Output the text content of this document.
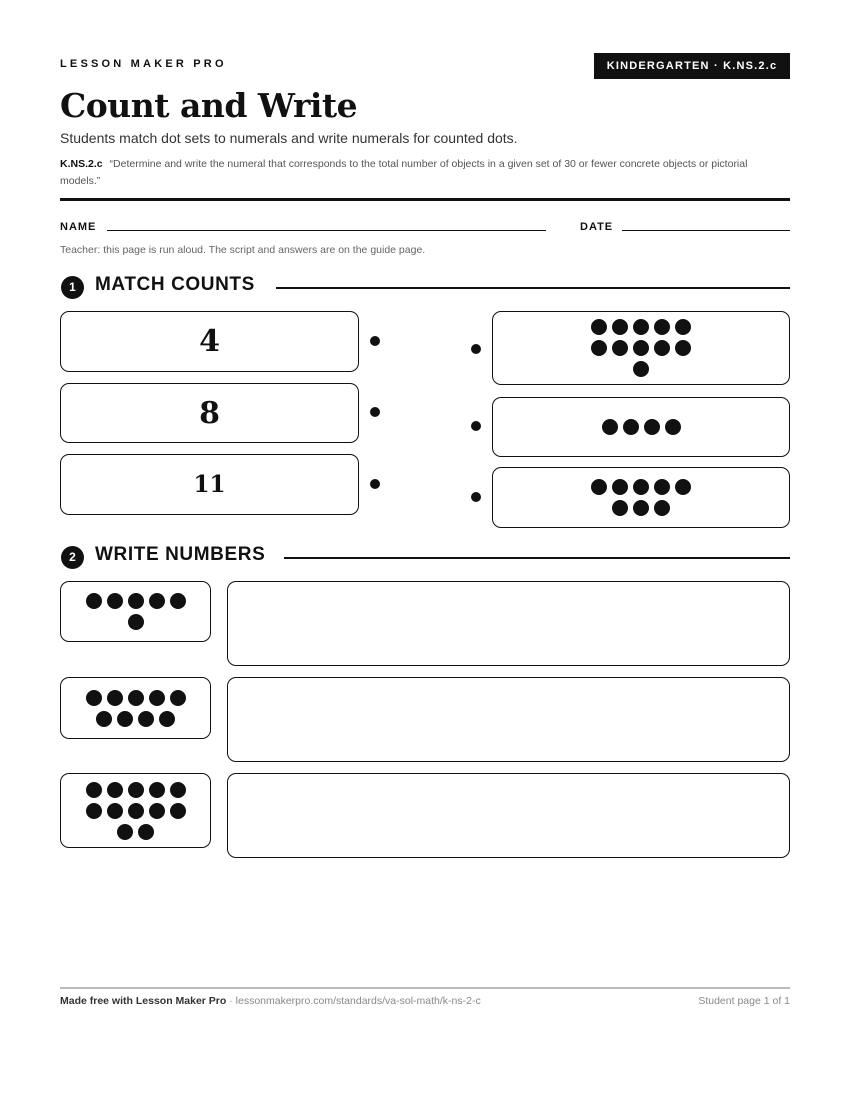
LESSON MAKER PRO	KINDERGARTEN · K.NS.2.c
Count and Write
Students match dot sets to numerals and write numerals for counted dots.
K.NS.2.c “Determine and write the numeral that corresponds to the total number of objects in a given set of 30 or fewer concrete objects or pictorial models.”
NAME	DATE
Teacher: this page is run aloud. The script and answers are on the guide page.
1	MATCH COUNTS
4
8
11
2	WRITE NUMBERS
Made free with Lesson Maker Pro · lessonmakerpro.com/standards/va-sol-math/k-ns-2-c	Student page 1 of 1
